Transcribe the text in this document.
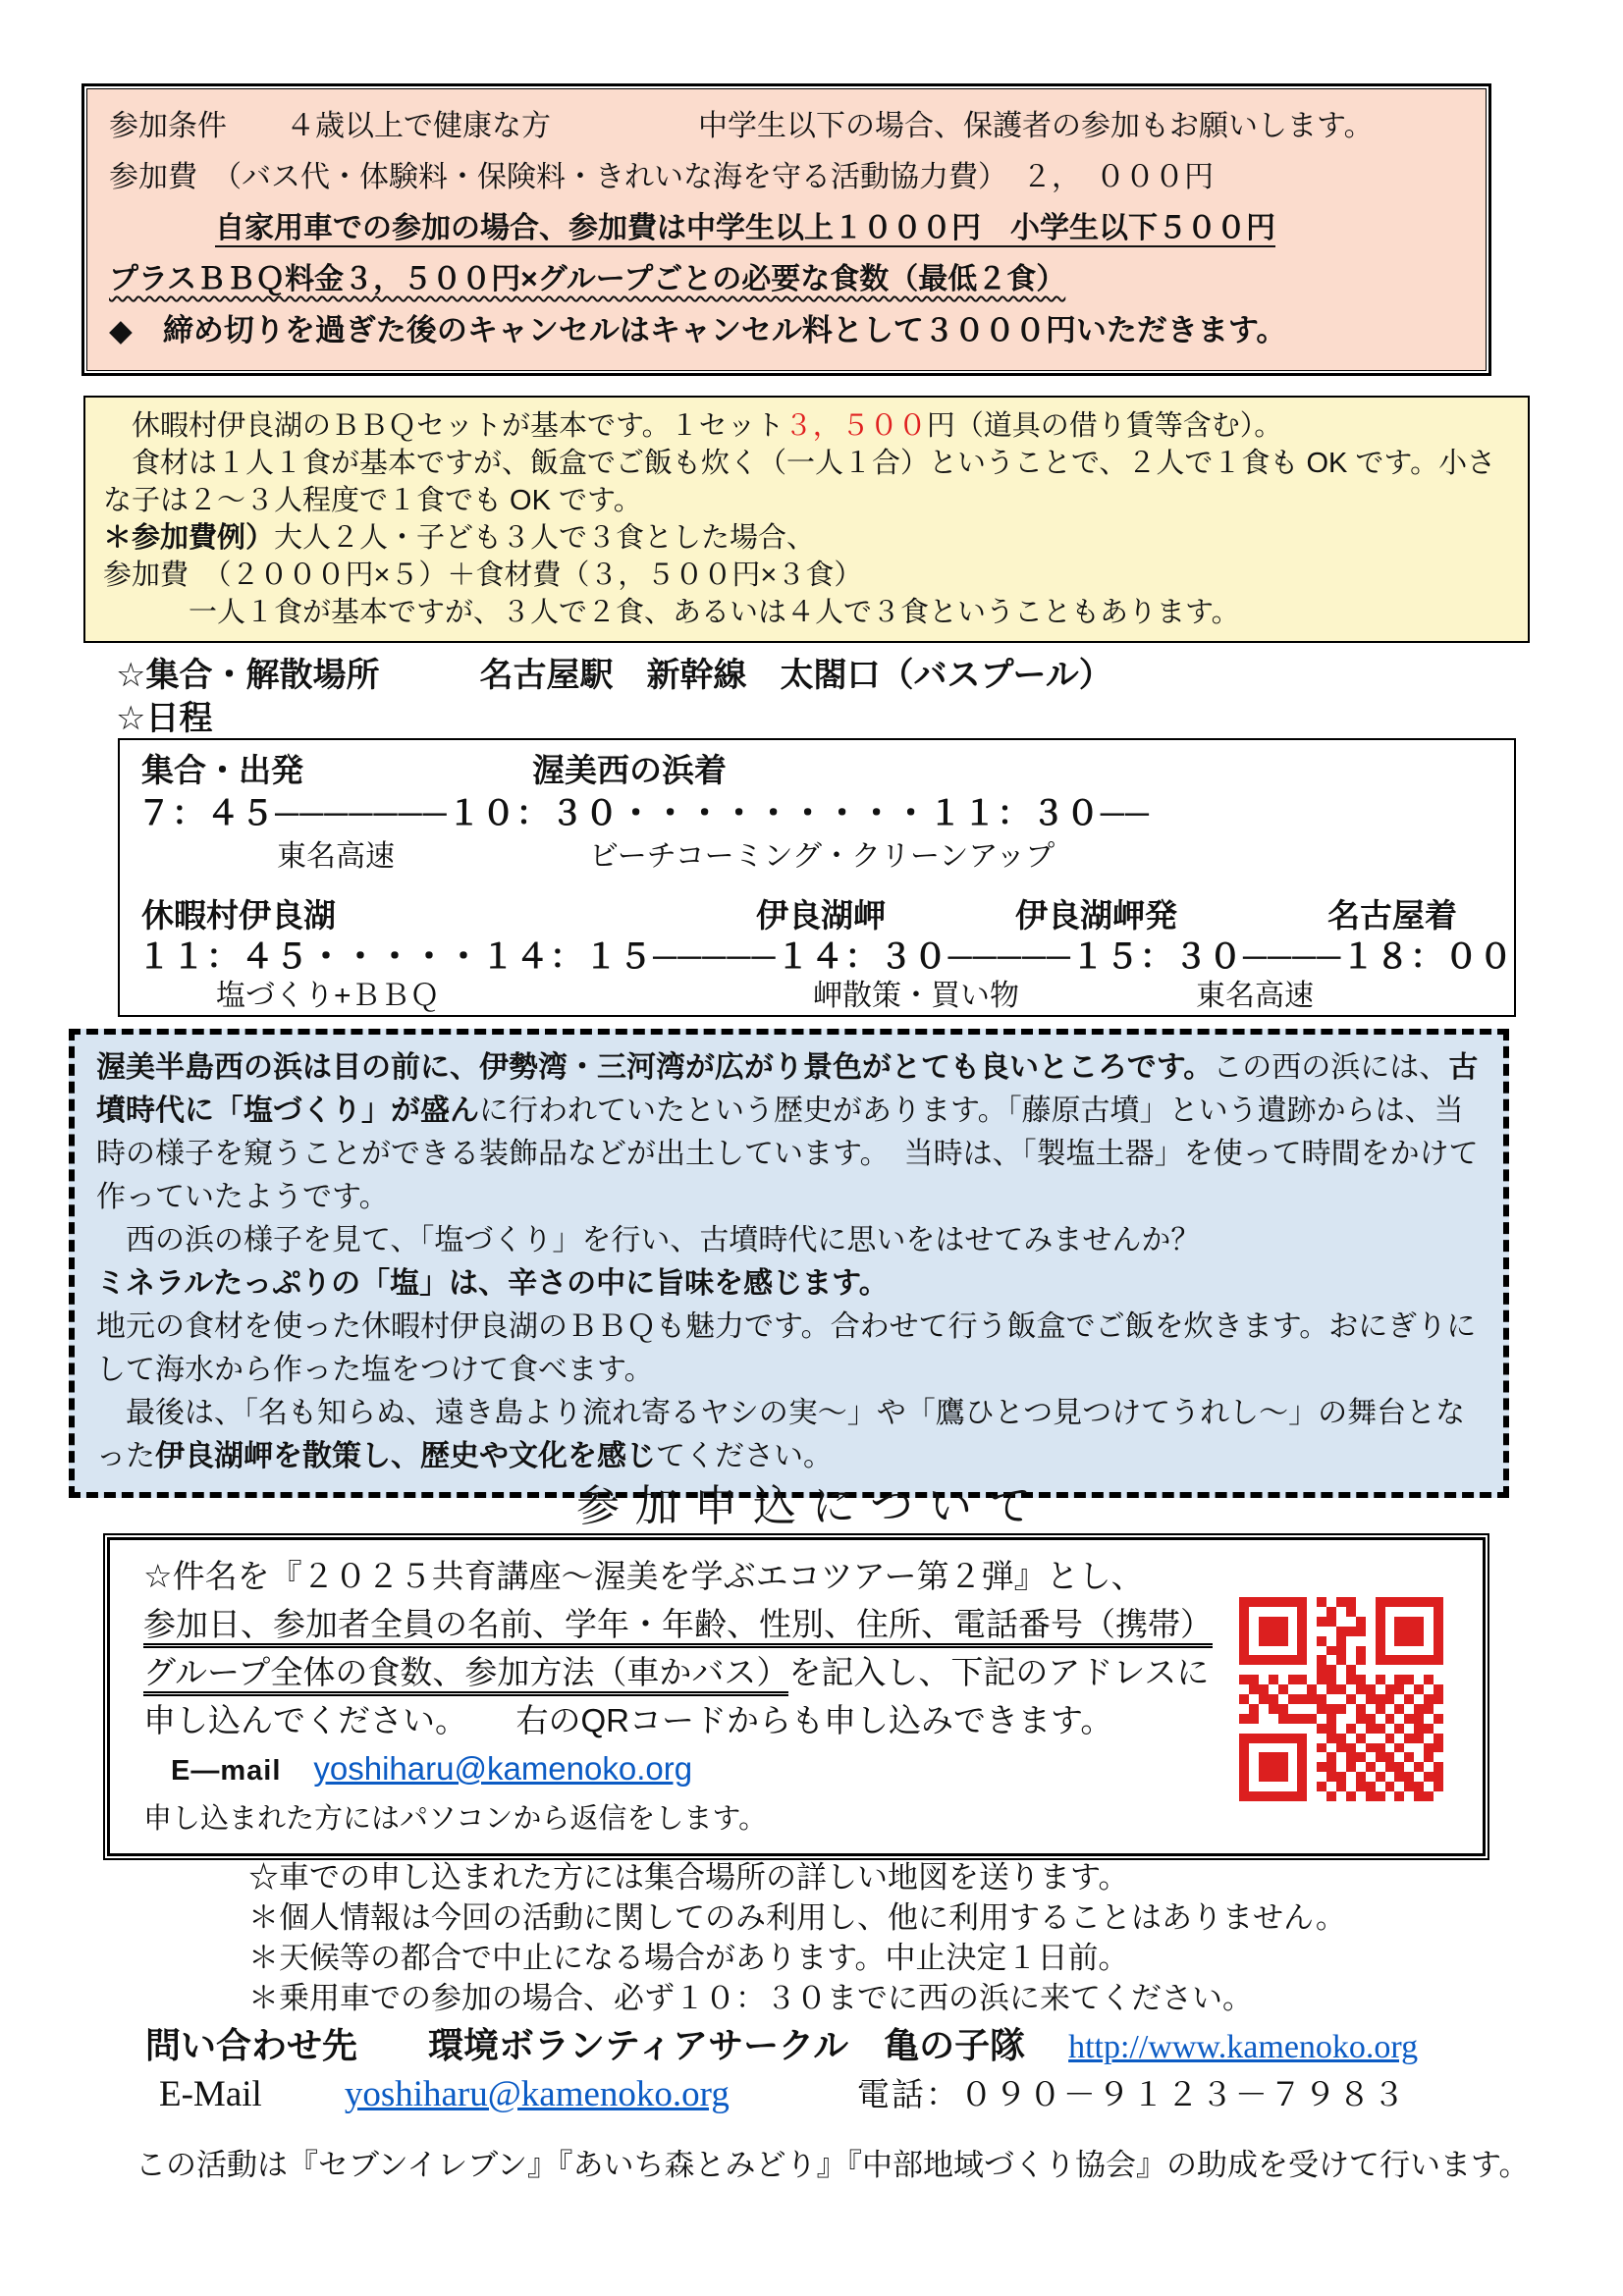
参加条件　　４歳以上で健康な方　　　　　中学生以下の場合、保護者の参加もお願いします。
参加費　（バス代・体験料・保険料・きれいな海を守る活動協力費）　２，　０００円
自家用車での参加の場合、参加費は中学生以上１０００円　小学生以下５００円
プラスＢＢＱ料金３，５００円×グループごとの必要な食数（最低２食）
◆　締め切りを過ぎた後のキャンセルはキャンセル料として３０００円いただきます。

　休暇村伊良湖のＢＢＱセットが基本です。１セット３，５００円（道具の借り賃等含む）。

　食材は１人１食が基本ですが、飯盒でご飯も炊く（一人１合）ということで、２人で１食も OK です。小さ

な子は２～３人程度で１食でも OK です。

＊参加費例）大人２人・子ども３人で３食とした場合、

参加費　（２０００円×５）＋食材費（３，５００円×３食）

　　　一人１食が基本ですが、３人で２食、あるいは４人で３食ということもあります。

☆集合・解散場所　　　名古屋駅　新幹線　太閤口（バスプール）
☆日程
集合・出発	渥美西の浜着
７：４５───────１０：３０・・・・・・・・・１１：３０──
東名高速	ビーチコーミング・クリーンアップ
休暇村伊良湖	伊良湖岬	伊良湖岬発	名古屋着
１１：４５・・・・・１４：１５─────１４：３０─────１５：３０────１８：００
塩づくり+ＢＢＱ	岬散策・買い物	東名高速

渥美半島西の浜は目の前に、伊勢湾・三河湾が広がり景色がとても良いところです。この西の浜には、古墳時代に「塩づくり」が盛んに行われていたという歴史があります。「藤原古墳」という遺跡からは、当時の様子を窺うことができる装飾品などが出土しています。　当時は、「製塩土器」を使って時間をかけて作っていたようです。

　西の浜の様子を見て、「塩づくり」を行い、古墳時代に思いをはせてみませんか？

ミネラルたっぷりの「塩」は、辛さの中に旨味を感じます。

地元の食材を使った休暇村伊良湖のＢＢＱも魅力です。合わせて行う飯盒でご飯を炊きます。おにぎりにして海水から作った塩をつけて食べます。

　最後は、「名も知らぬ、遠き島より流れ寄るヤシの実～」や「鷹ひとつ見つけてうれし～」の舞台となった伊良湖岬を散策し、歴史や文化を感じてください。

参加申込について
☆件名を『２０２５共育講座～渥美を学ぶエコツアー第２弾』とし、
参加日、参加者全員の名前、学年・年齢、性別、住所、電話番号（携帯）
グループ全体の食数、参加方法（車かバス）を記入し、下記のアドレスに
申し込んでください。　　右のQRコードからも申し込みできます。
E—mail　 yoshiharu@kamenoko.org
申し込まれた方にはパソコンから返信をします。
☆車での申し込まれた方には集合場所の詳しい地図を送ります。
＊個人情報は今回の活動に関してのみ利用し、他に利用することはありません。
＊天候等の都合で中止になる場合があります。中止決定１日前。
＊乗用車での参加の場合、必ず１０：３０までに西の浜に来てください。
問い合わせ先　　 環境ボランティアサークル　亀の子隊 http://www.kamenoko.org
E-Mail yoshiharu@kamenoko.org	電話：０９０－９１２３－７９８３
この活動は『セブンイレブン』『あいち森とみどり』『中部地域づくり協会』の助成を受けて行います。
